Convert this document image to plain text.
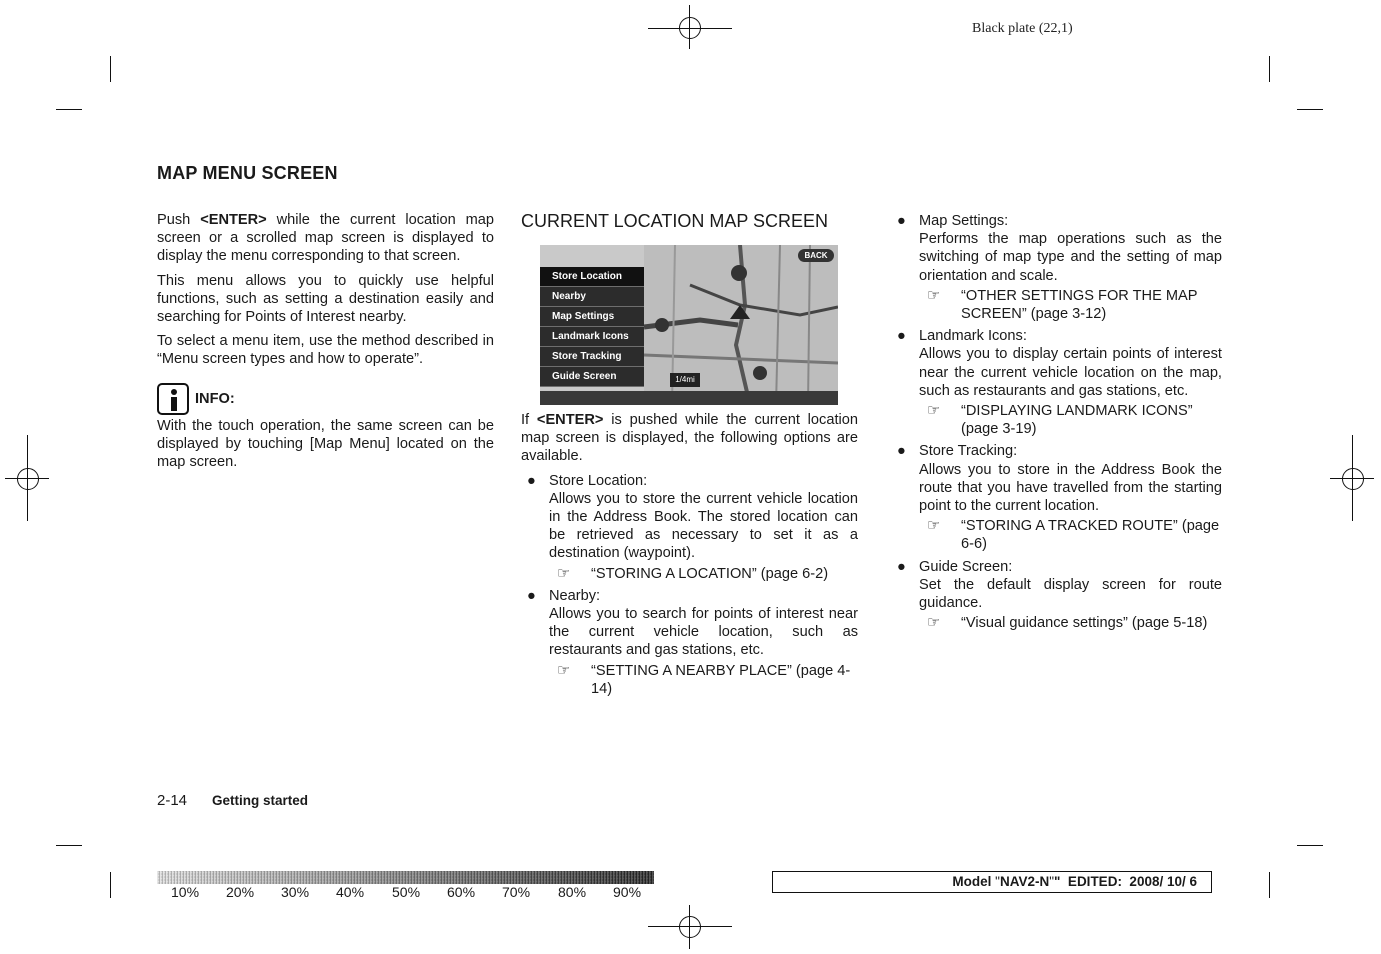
Black plate (22,1)
MAP MENU SCREEN

Push <ENTER> while the current location map screen or a scrolled map screen is displayed to display the menu corresponding to that screen.

This menu allows you to quickly use helpful functions, such as setting a destination easily and searching for Points of Interest nearby.

To select a menu item, use the method described in “Menu screen types and how to operate”.

INFO:

With the touch operation, the same screen can be displayed by touching [Map Menu] located on the map screen.

CURRENT LOCATION MAP SCREEN
Store Location
Nearby
Map Settings
Landmark Icons
Store Tracking
Guide Screen
BACK
1/4mi

If <ENTER> is pushed while the current location map screen is displayed, the following options are available.

● Store Location:
Allows you to store the current vehicle location in the Address Book. The stored location can be retrieved as necessary to set it as a destination (waypoint).
☞	“STORING A LOCATION” (page 6-2)
● Nearby:
Allows you to search for points of interest near the current vehicle location, such as restaurants and gas stations, etc.
☞	“SETTING A NEARBY PLACE” (page 4-14)
● Map Settings:
Performs the map operations such as the switching of map type and the setting of map orientation and scale.
☞	“OTHER SETTINGS FOR THE MAP SCREEN” (page 3-12)
● Landmark Icons:
Allows you to display certain points of interest near the current vehicle location on the map, such as restaurants and gas stations, etc.
☞	“DISPLAYING LANDMARK ICONS” (page 3-19)
● Store Tracking:
Allows you to store in the Address Book the route that you have travelled from the starting point to the current location.
☞	“STORING A TRACKED ROUTE” (page 6-6)
● Guide Screen:
Set the default display screen for route guidance.
☞	“Visual guidance settings” (page 5-18)
2-14 Getting started
10% 20% 30% 40% 50% 60% 70% 80% 90%
Model "NAV2-N""  EDITED:  2008/ 10/ 6
